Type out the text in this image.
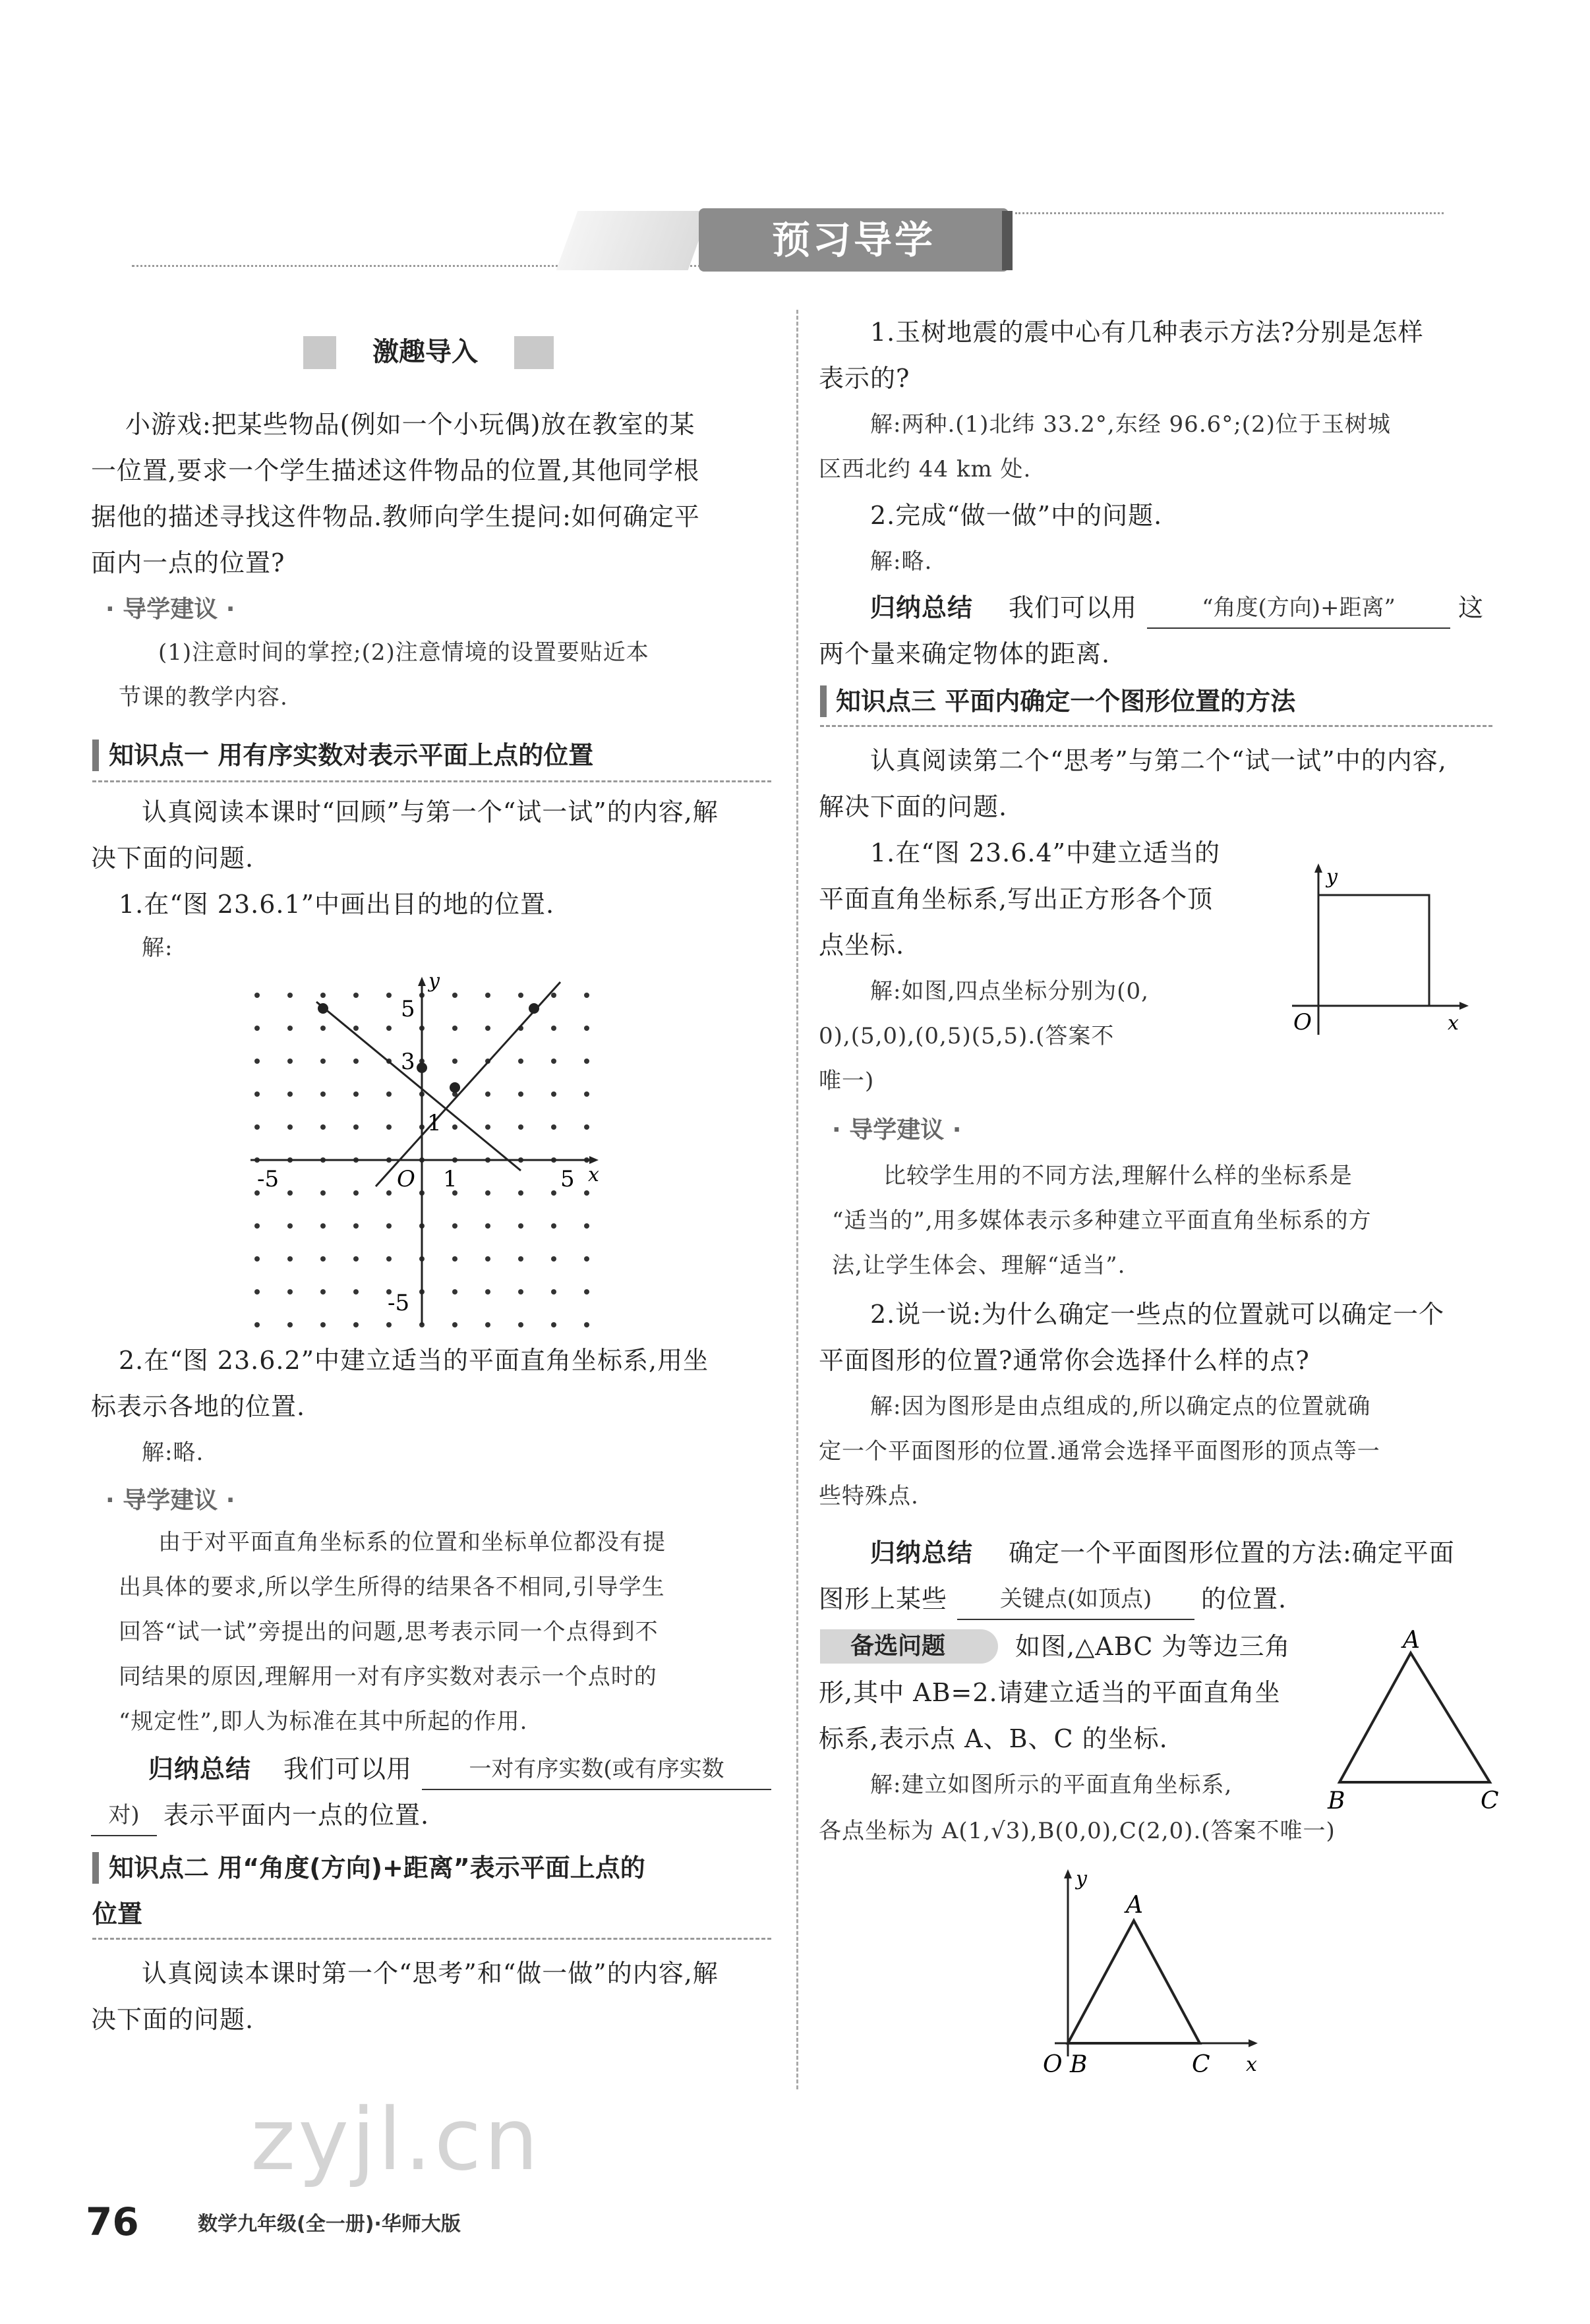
预习导学
激趣导入
小游戏:把某些物品(例如一个小玩偶)放在教室的某
一位置,要求一个学生描述这件物品的位置,其他同学根
据他的描述寻找这件物品.教师向学生提问:如何确定平
面内一点的位置?
· 导学建议 ·
(1)注意时间的掌控;(2)注意情境的设置要贴近本
节课的教学内容.
知识点一 用有序实数对表示平面上点的位置
认真阅读本课时“回顾”与第一个“试一试”的内容,解
决下面的问题.
1.在“图 23.6.1”中画出目的地的位置.
解:
y
x
O
5
3
1
-5
1	5
-5
2.在“图 23.6.2”中建立适当的平面直角坐标系,用坐
标表示各地的位置.
解:略.
· 导学建议 ·
由于对平面直角坐标系的位置和坐标单位都没有提
出具体的要求,所以学生所得的结果各不相同,引导学生
回答“试一试”旁提出的问题,思考表示同一个点得到不
同结果的原因,理解用一对有序实数对表示一个点时的
“规定性”,即人为标准在其中所起的作用.
归纳总结 我们可以用	一对有序实数(或有序实数
对) 表示平面内一点的位置.
知识点二 用“角度(方向)+距离”表示平面上点的
位置
认真阅读本课时第一个“思考”和“做一做”的内容,解
决下面的问题.
1.玉树地震的震中心有几种表示方法?分别是怎样
表示的?
解:两种.(1)北纬 33.2°,东经 96.6°;(2)位于玉树城
区西北约 44 km 处.
2.完成“做一做”中的问题.
解:略.
归纳总结 我们可以用	“角度(方向)+距离”	这
两个量来确定物体的距离.
知识点三 平面内确定一个图形位置的方法
认真阅读第二个“思考”与第二个“试一试”中的内容,
解决下面的问题.
1.在“图 23.6.4”中建立适当的
平面直角坐标系,写出正方形各个顶
点坐标.
解:如图,四点坐标分别为(0,
0),(5,0),(0,5)(5,5).(答案不
唯一)
y
x
O
· 导学建议 ·
比较学生用的不同方法,理解什么样的坐标系是
“适当的”,用多媒体表示多种建立平面直角坐标系的方
法,让学生体会、理解“适当”.
2.说一说:为什么确定一些点的位置就可以确定一个
平面图形的位置?通常你会选择什么样的点?
解:因为图形是由点组成的,所以确定点的位置就确
定一个平面图形的位置.通常会选择平面图形的顶点等一
些特殊点.
归纳总结 确定一个平面图形位置的方法:确定平面
图形上某些	关键点(如顶点)	的位置.
备选问题	如图,△ABC 为等边三角
形,其中 AB=2.请建立适当的平面直角坐
标系,表示点 A、B、C 的坐标.
解:建立如图所示的平面直角坐标系,
各点坐标为 A(1,√3),B(0,0),C(2,0).(答案不唯一)
A
B	C
y
A
O B	C x
zyjl.cn
76	数学九年级(全一册)·华师大版
